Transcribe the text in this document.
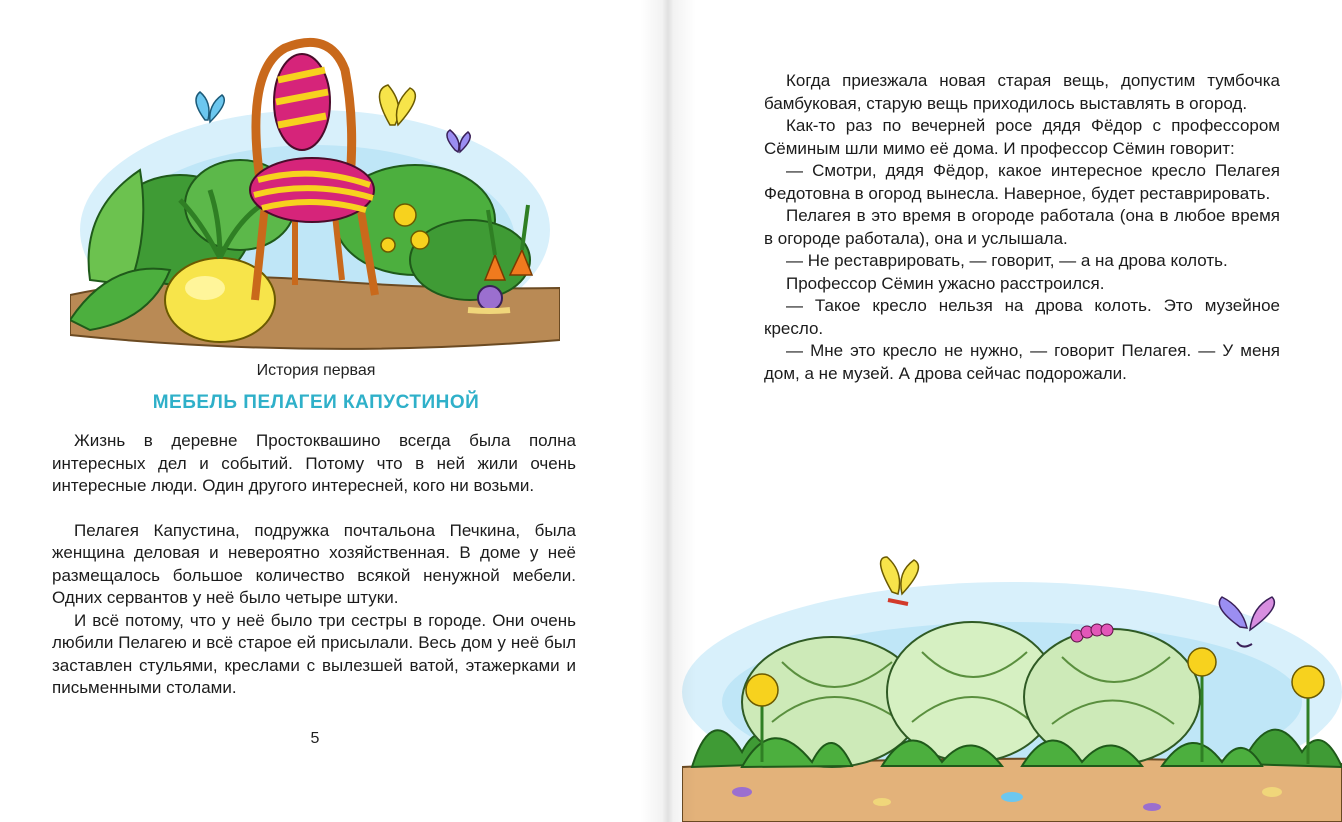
История первая
МЕБЕЛЬ ПЕЛАГЕИ КАПУСТИНОЙ

Жизнь в деревне Простоквашино всегда была полна интересных дел и событий. Потому что в ней жили очень интересные люди. Один другого интересней, кого ни возьми.

Пелагея Капустина, подружка почтальона Печкина, была женщина деловая и невероятно хозяйственная. В доме у неё размещалось большое количество всякой ненужной мебели. Одних сервантов у неё было четыре штуки.

И всё потому, что у неё было три сестры в городе. Они очень любили Пелагею и всё старое ей присылали. Весь дом у неё был заставлен стульями, креслами с вылезшей ватой, этажерками и письменными столами.

5

Когда приезжала новая старая вещь, допустим тумбочка бамбуковая, старую вещь приходилось выставлять в огород.

Как-то раз по вечерней росе дядя Фёдор с профессором Сёминым шли мимо её дома. И профессор Сёмин говорит:

— Смотри, дядя Фёдор, какое интересное кресло Пелагея Федотовна в огород вынесла. Наверное, будет реставрировать.

Пелагея в это время в огороде работала (она в любое время в огороде работала), она и услышала.

— Не реставрировать, — говорит, — а на дрова колоть.

Профессор Сёмин ужасно расстроился.

— Такое кресло нельзя на дрова колоть. Это музейное кресло.

— Мне это кресло не нужно, — говорит Пелагея. — У меня дом, а не музей. А дрова сейчас подорожали.
